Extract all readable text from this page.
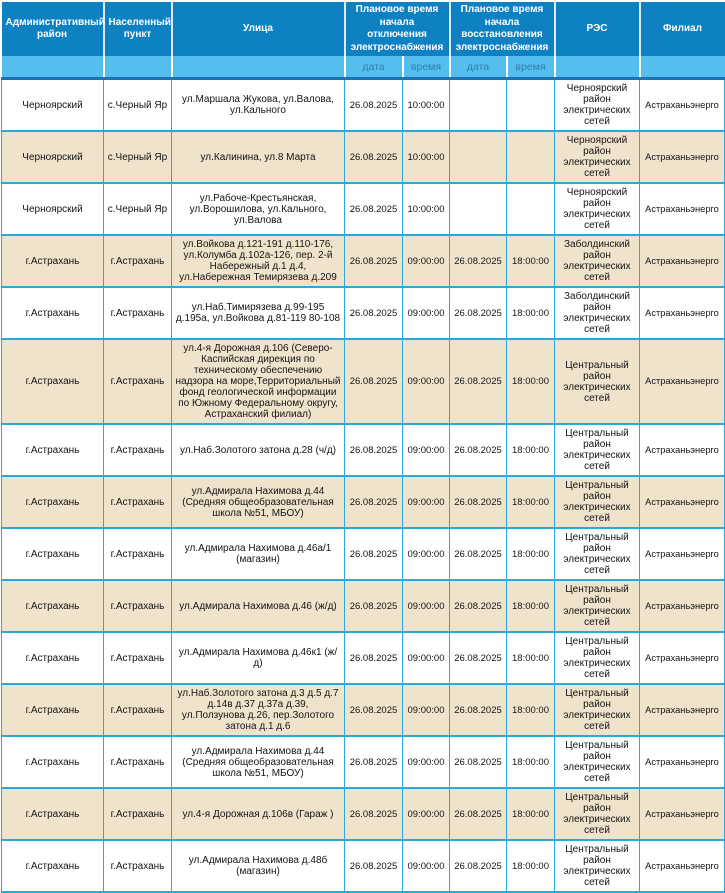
Административный район	Населенный пункт	Улица	Плановое время начала отключения электроснабжения		Плановое время начала восстановления электроснабжения		РЭС	Филиал
			дата	время	дата	время		
Черноярский	с.Черный Яр	ул.Маршала Жукова, ул.Валова, ул.Кального	26.08.2025	10:00:00			Черноярский район электрических сетей	Астраханьэнерго
Черноярский	с.Черный Яр	ул.Калинина, ул.8 Марта	26.08.2025	10:00:00			Черноярский район электрических сетей	Астраханьэнерго
Черноярский	с.Черный Яр	ул.Рабоче-Крестьянская, ул.Ворошилова, ул.Кального, ул.Валова	26.08.2025	10:00:00			Черноярский район электрических сетей	Астраханьэнерго
г.Астрахань	г.Астрахань	ул.Войкова д.121-191 д.110-176, ул.Колумба д.102а-126, пер. 2-й Набережный д.1 д.4, ул.Набережная Темирязева д.209	26.08.2025	09:00:00	26.08.2025	18:00:00	Заболдинский район электрических сетей	Астраханьэнерго
г.Астрахань	г.Астрахань	ул.Наб.Тимирязева д.99-195 д.195а, ул.Войкова д.81-119 80-108	26.08.2025	09:00:00	26.08.2025	18:00:00	Заболдинский район электрических сетей	Астраханьэнерго
г.Астрахань	г.Астрахань	ул.4-я Дорожная д.106 (Северо-Каспийская дирекция по техническому обеспечению надзора на море,Территориальный фонд геологической информации по Южному Федеральному округу, Астраханский филиал)	26.08.2025	09:00:00	26.08.2025	18:00:00	Центральный район электрических сетей	Астраханьэнерго
г.Астрахань	г.Астрахань	ул.Наб.Золотого затона д.28 (ч/д)	26.08.2025	09:00:00	26.08.2025	18:00:00	Центральный район электрических сетей	Астраханьэнерго
г.Астрахань	г.Астрахань	ул.Адмирала Нахимова д.44 (Средняя общеобразовательная школа №51, МБОУ)	26.08.2025	09:00:00	26.08.2025	18:00:00	Центральный район электрических сетей	Астраханьэнерго
г.Астрахань	г.Астрахань	ул.Адмирала Нахимова д.46а/1 (магазин)	26.08.2025	09:00:00	26.08.2025	18:00:00	Центральный район электрических сетей	Астраханьэнерго
г.Астрахань	г.Астрахань	ул.Адмирала Нахимова д.46 (ж/д)	26.08.2025	09:00:00	26.08.2025	18:00:00	Центральный район электрических сетей	Астраханьэнерго
г.Астрахань	г.Астрахань	ул.Адмирала Нахимова д.46к1 (ж/д)	26.08.2025	09:00:00	26.08.2025	18:00:00	Центральный район электрических сетей	Астраханьэнерго
г.Астрахань	г.Астрахань	ул.Наб.Золотого затона д.3 д.5 д.7 д.14в д.37 д.37а д.39, ул.Ползунова д.26, пер.Золотого затона д.1 д.6	26.08.2025	09:00:00	26.08.2025	18:00:00	Центральный район электрических сетей	Астраханьэнерго
г.Астрахань	г.Астрахань	ул.Адмирала Нахимова д.44 (Средняя общеобразовательная школа №51, МБОУ)	26.08.2025	09:00:00	26.08.2025	18:00:00	Центральный район электрических сетей	Астраханьэнерго
г.Астрахань	г.Астрахань	ул.4-я Дорожная д.106в (Гараж )	26.08.2025	09:00:00	26.08.2025	18:00:00	Центральный район электрических сетей	Астраханьэнерго
г.Астрахань	г.Астрахань	ул.Адмирала Нахимова д.48б (магазин)	26.08.2025	09:00:00	26.08.2025	18:00:00	Центральный район электрических сетей	Астраханьэнерго
